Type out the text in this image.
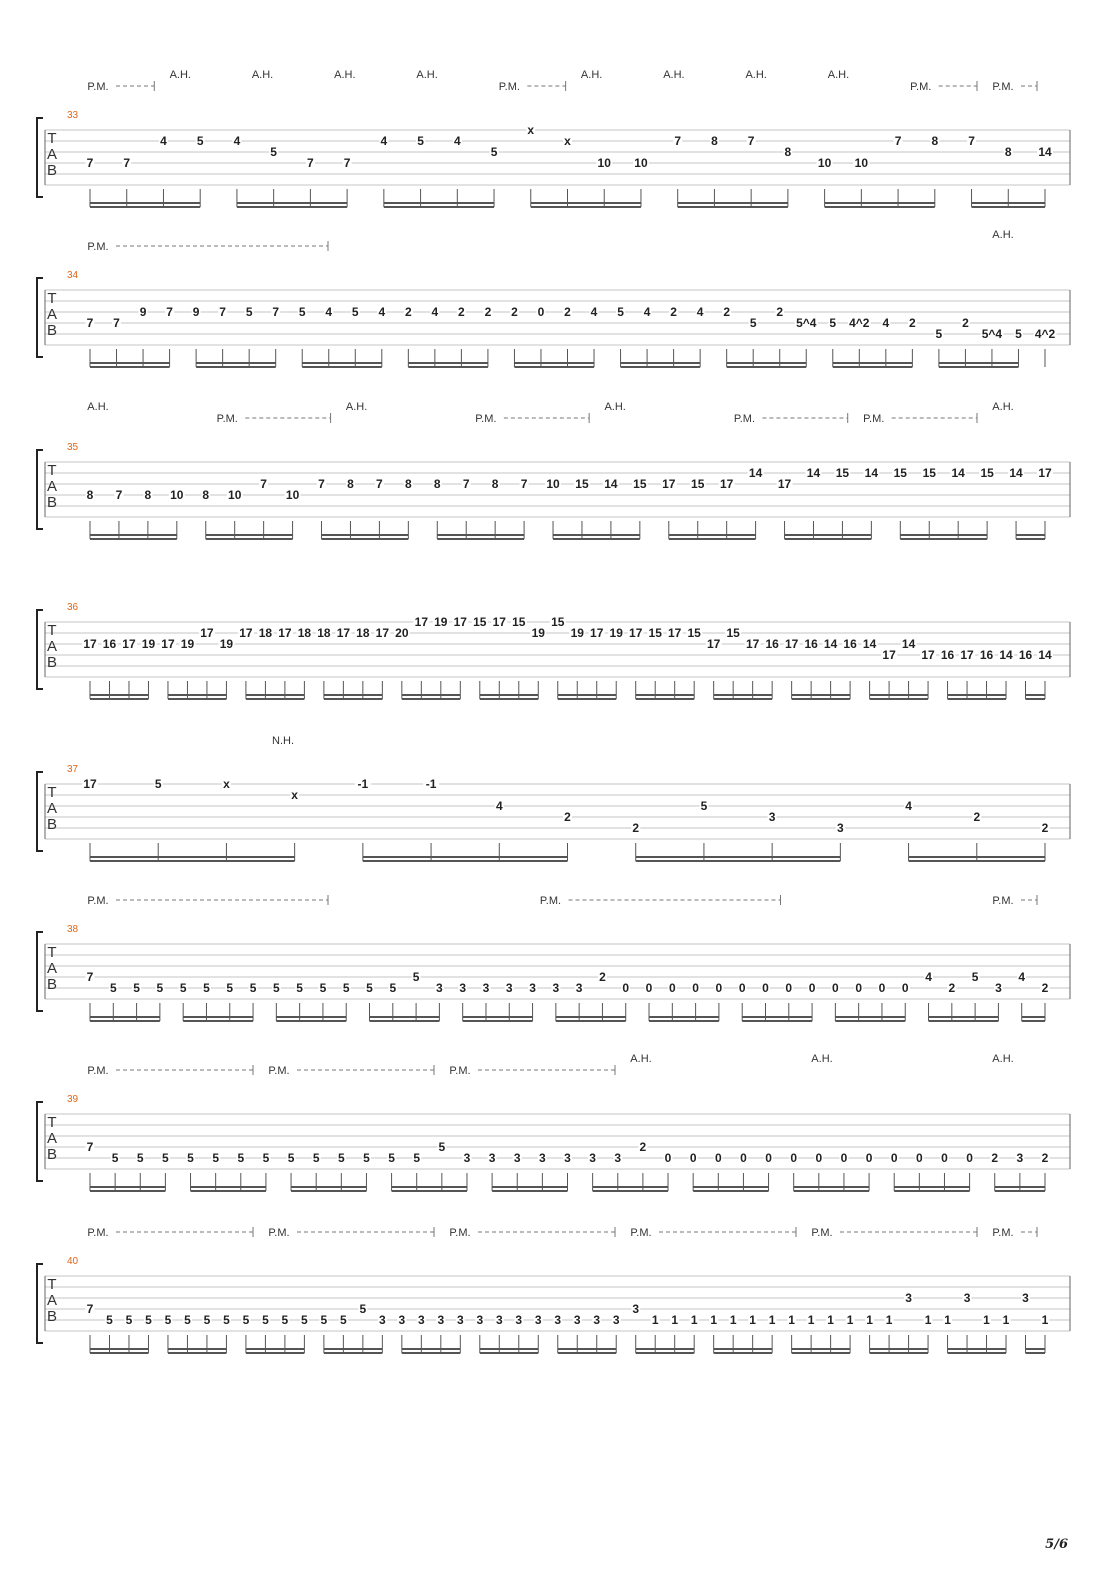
33
T
A
B
P.M.
A.H.	A.H.	A.H.	A.H.
P.M.
A.H.	A.H.	A.H.	A.H.
P.M.	P.M.
7	7
4	5	4
5
7	7
4	5	4
5
x
x
10 10
7	8	7
8
10 10
7	8	7
8 14
34
T
A
B
P.M.
A.H.
7 7
9 7 9 7 5 7 5 4 5 4 2 4 2 2 2 0 2 4 5 4 2 4 2
5
2
5^4 5 4^2 4 2
5
2
5^4 5 4^2
35
T
A
B
A.H.
P.M.
A.H.
P.M.
A.H.
P.M.	P.M.
A.H.
8 7 8 10 8 10
7
10
7 8 7 8 8 7 8 7 10 15 14 15 17 15 17
14
17
14 15 14 15 15 14 15 14 17
36
T
A
B
17 16 17 19 17 19
17
19
17 18 17 18 18 17 18 17 20
17 19 17 15 17 15
19
15
19 17 19 17 15 17 15
17
15
17 16 17 16 14 16 14
17
14
17 16 17 16 14 16 14
37
T
A
B
N.H.
17	5	x
x
-1	-1
4
2
2
5
3
3
4
2
2
38
T
A
B
P.M.	P.M.	P.M.
7
5 5 5 5 5 5 5 5 5 5 5 5 5
5
3 3 3 3 3 3 3
2
0 0 0 0 0 0 0 0 0 0 0 0 0
4
2
5
3
4
2
39
T
A
B
P.M.	P.M.	P.M.
A.H.	A.H.	A.H.
7
5 5 5 5 5 5 5 5 5 5 5 5 5
5
3 3 3 3 3 3 3
2
0 0 0 0 0 0 0 0 0 0 0 0 0 2 3 2
40
T
A
B
P.M.	P.M.	P.M.	P.M.	P.M.	P.M.
7
5 5 5 5 5 5 5 5 5 5 5 5 5
5
3 3 3 3 3 3 3 3 3 3 3 3 3
3
1 1 1 1 1 1 1 1 1 1 1 1 1
3
1 1
3
1 1
3
1
5/6
